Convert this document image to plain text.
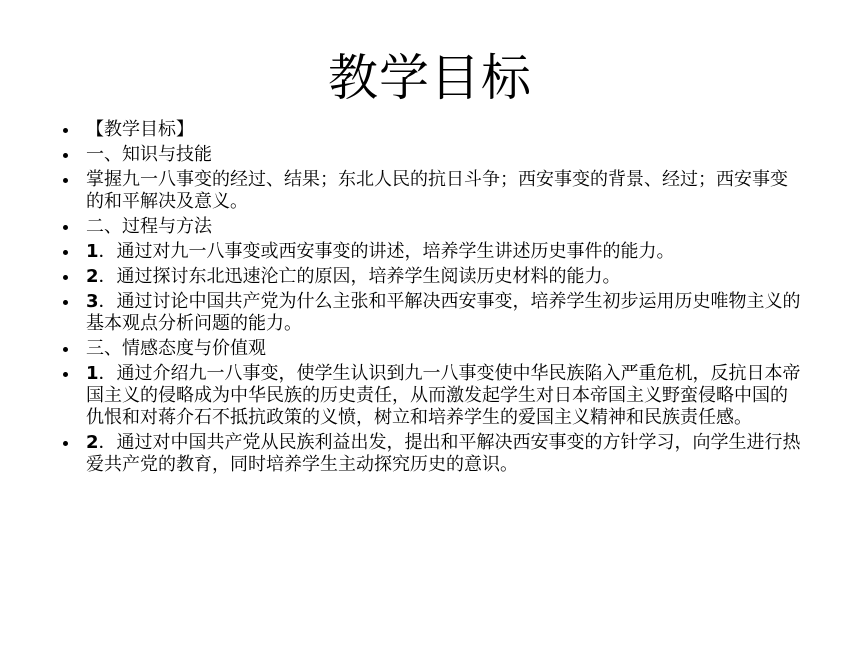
教学目标
【教学目标】
一、知识与技能
掌握九一八事变的经过、结果；东北人民的抗日斗争；西安事变的背景、经过；西安事变的和平解决及意义。
二、过程与方法
1．通过对九一八事变或西安事变的讲述，培养学生讲述历史事件的能力。
2．通过探讨东北迅速沦亡的原因，培养学生阅读历史材料的能力。
3．通过讨论中国共产党为什么主张和平解决西安事变，培养学生初步运用历史唯物主义的基本观点分析问题的能力。
三、情感态度与价值观
1．通过介绍九一八事变，使学生认识到九一八事变使中华民族陷入严重危机，反抗日本帝国主义的侵略成为中华民族的历史责任，从而激发起学生对日本帝国主义野蛮侵略中国的仇恨和对蒋介石不抵抗政策的义愤，树立和培养学生的爱国主义精神和民族责任感。
2．通过对中国共产党从民族利益出发，提出和平解决西安事变的方针学习，向学生进行热爱共产党的教育，同时培养学生主动探究历史的意识。
